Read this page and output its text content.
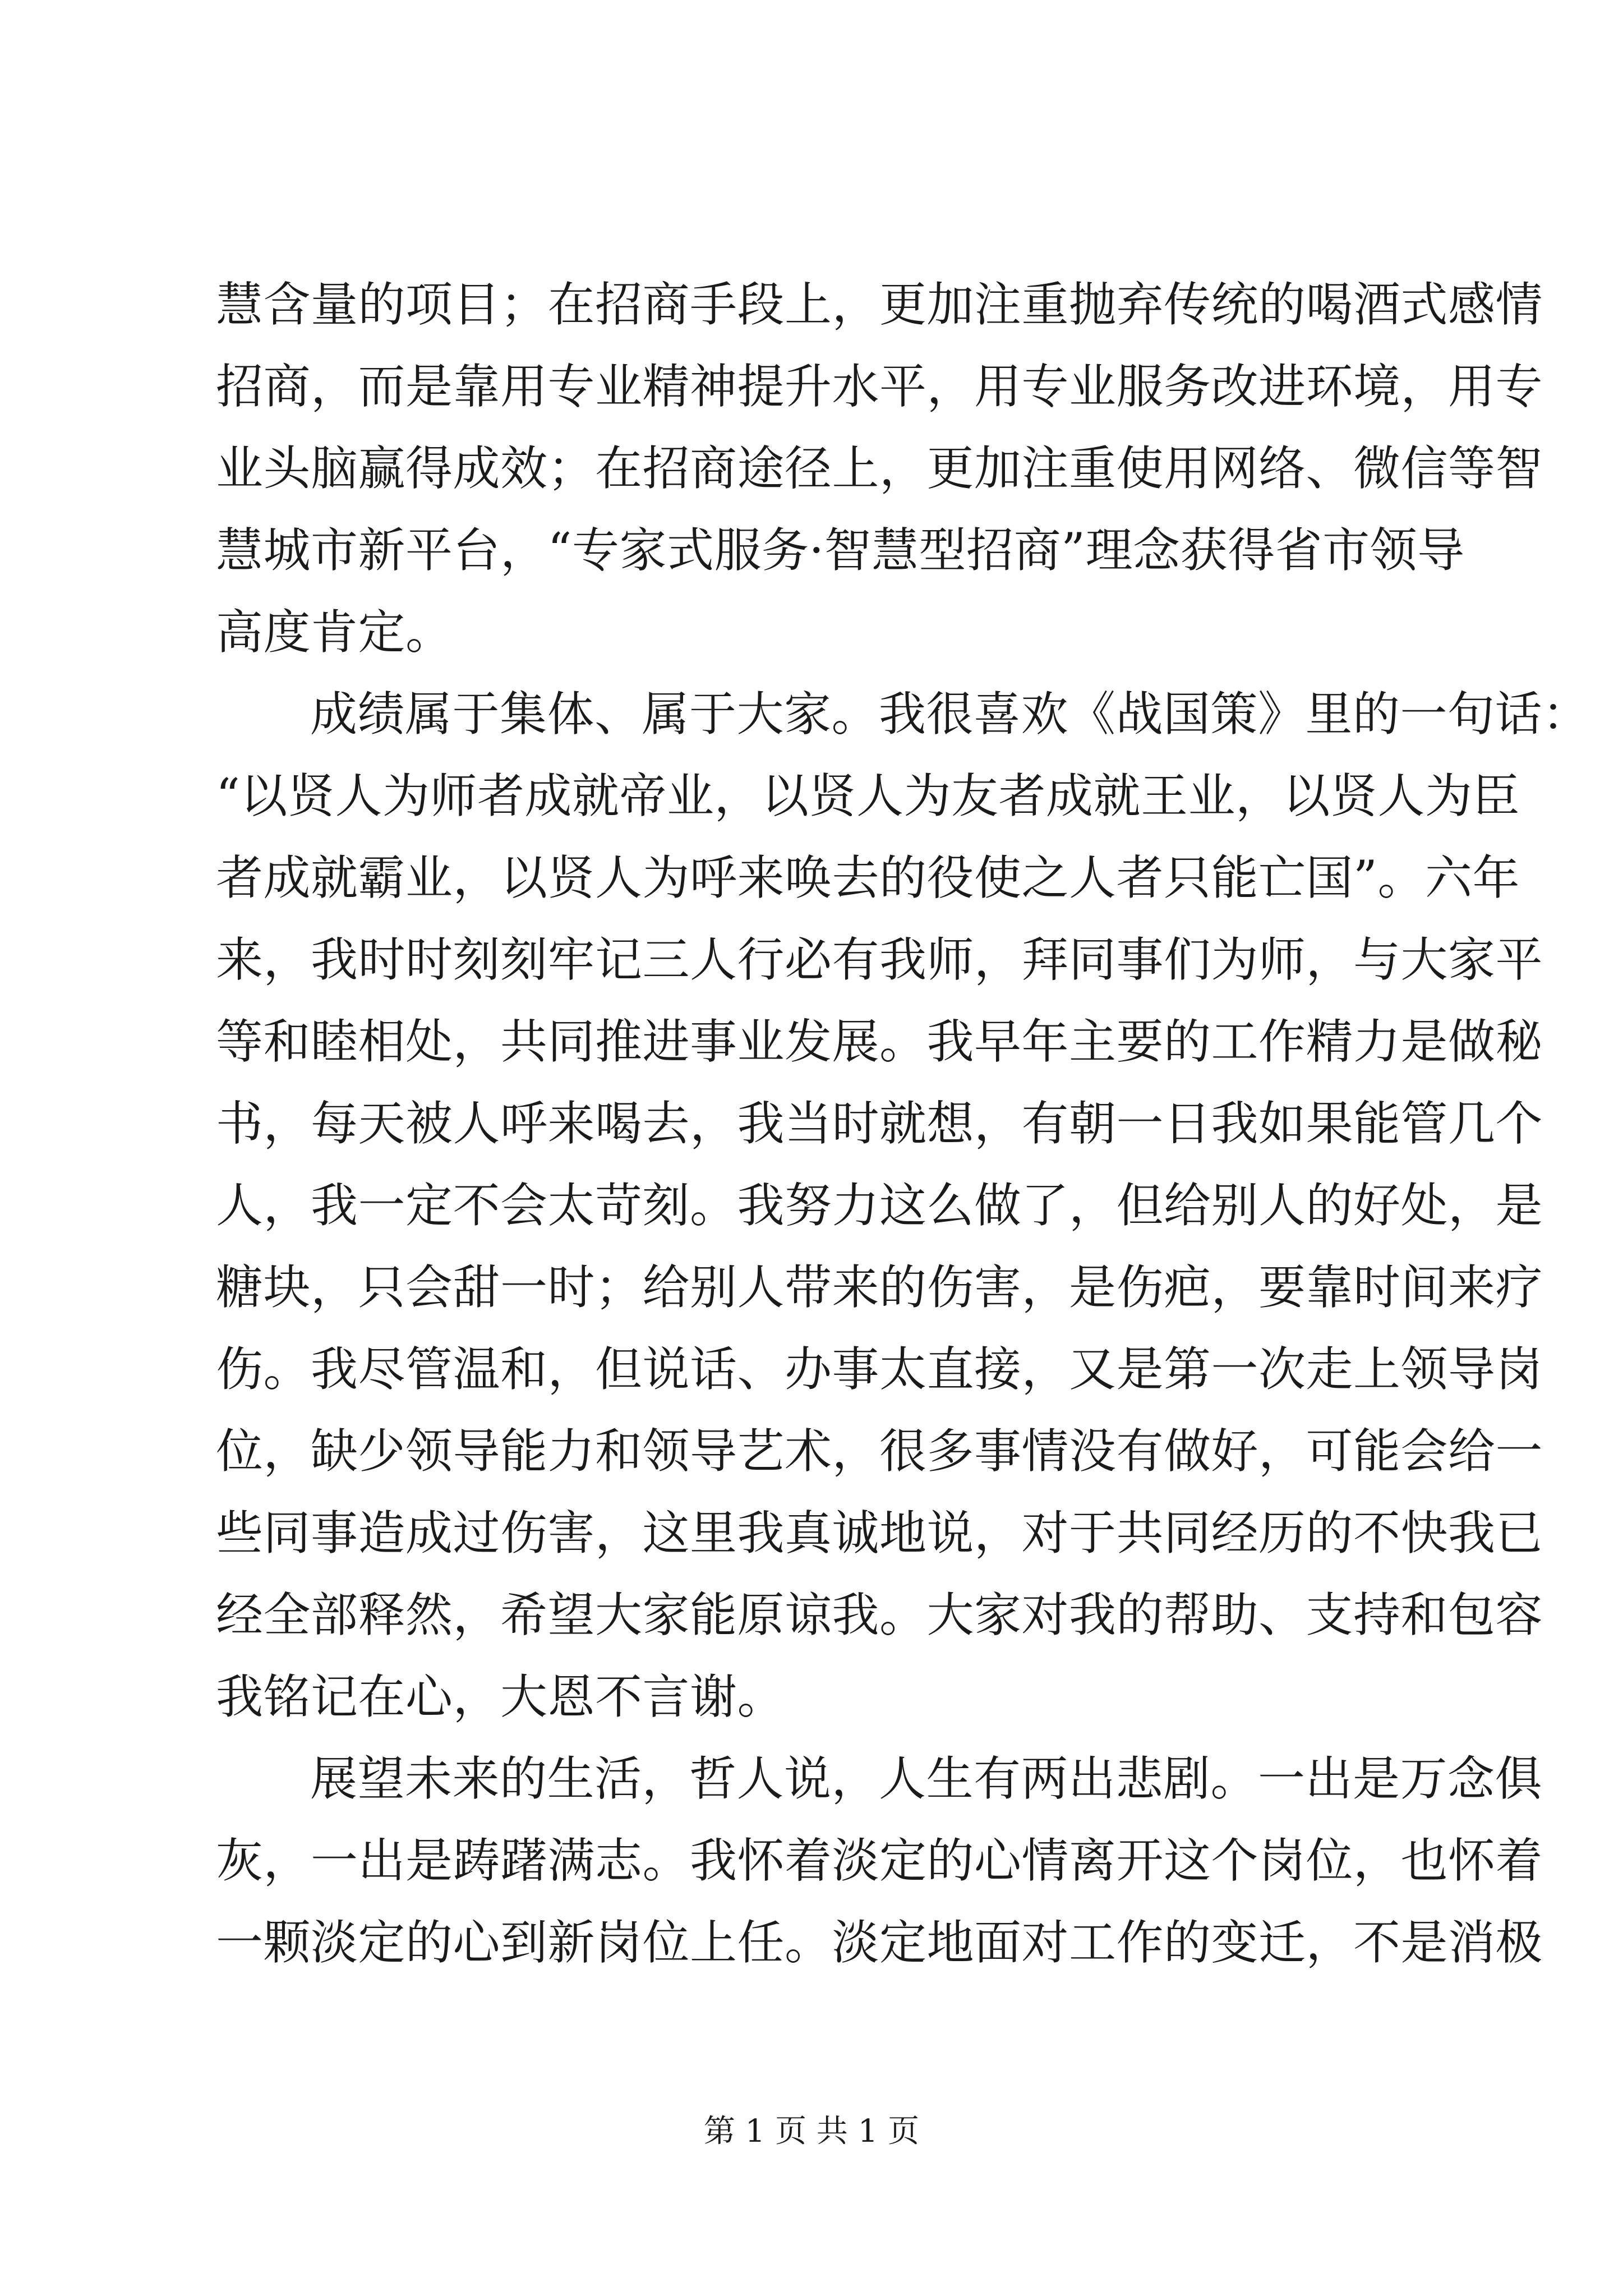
慧含量的项目；在招商手段上，更加注重抛弃传统的喝酒式感情
招商，而是靠用专业精神提升水平，用专业服务改进环境，用专
业头脑赢得成效；在招商途径上，更加注重使用网络、微信等智
慧城市新平台，“专家式服务·智慧型招商”理念获得省市领导
高度肯定。
成绩属于集体、属于大家。我很喜欢《战国策》里的一句话：
“以贤人为师者成就帝业，以贤人为友者成就王业，以贤人为臣
者成就霸业，以贤人为呼来唤去的役使之人者只能亡国”。六年
来，我时时刻刻牢记三人行必有我师，拜同事们为师，与大家平
等和睦相处，共同推进事业发展。我早年主要的工作精力是做秘
书，每天被人呼来喝去，我当时就想，有朝一日我如果能管几个
人，我一定不会太苛刻。我努力这么做了，但给别人的好处，是
糖块，只会甜一时；给别人带来的伤害，是伤疤，要靠时间来疗
伤。我尽管温和，但说话、办事太直接，又是第一次走上领导岗
位，缺少领导能力和领导艺术，很多事情没有做好，可能会给一
些同事造成过伤害，这里我真诚地说，对于共同经历的不快我已
经全部释然，希望大家能原谅我。大家对我的帮助、支持和包容
我铭记在心，大恩不言谢。
展望未来的生活，哲人说，人生有两出悲剧。一出是万念俱
灰，一出是踌躇满志。我怀着淡定的心情离开这个岗位，也怀着
一颗淡定的心到新岗位上任。淡定地面对工作的变迁，不是消极
第 1 页 共 1 页
